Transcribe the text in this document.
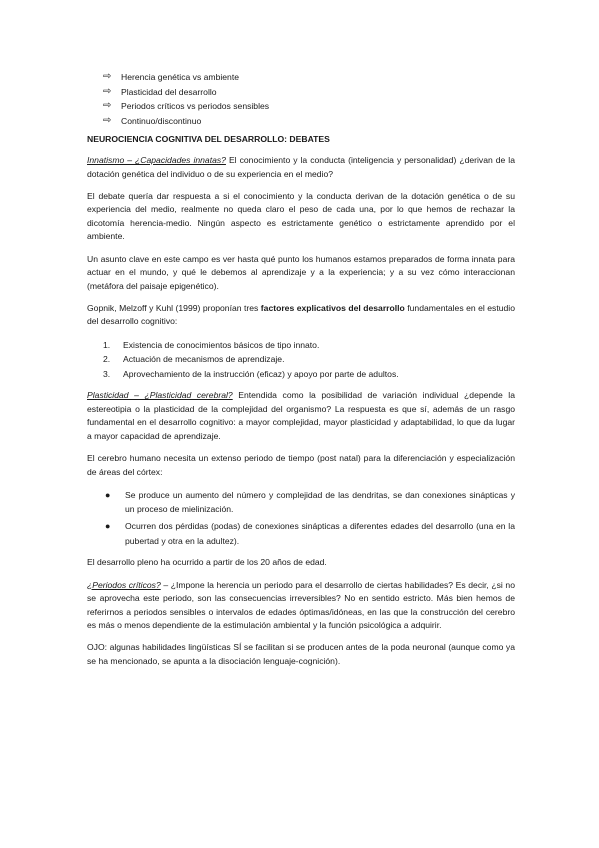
⇨ Herencia genética vs ambiente
⇨ Plasticidad del desarrollo
⇨ Periodos críticos vs periodos sensibles
⇨ Continuo/discontinuo
NEUROCIENCIA COGNITIVA DEL DESARROLLO: DEBATES

Innatismo – ¿Capacidades innatas? El conocimiento y la conducta (inteligencia y personalidad) ¿derivan de la dotación genética del individuo o de su experiencia en el medio?

El debate quería dar respuesta a si el conocimiento y la conducta derivan de la dotación genética o de su experiencia del medio, realmente no queda claro el peso de cada una, por lo que hemos de rechazar la dicotomía herencia-medio. Ningún aspecto es estrictamente genético o estrictamente aprendido por el ambiente.

Un asunto clave en este campo es ver hasta qué punto los humanos estamos preparados de forma innata para actuar en el mundo, y qué le debemos al aprendizaje y a la experiencia; y a su vez cómo interaccionan (metáfora del paisaje epigenético).

Gopnik, Melzoff y Kuhl (1999) proponían tres factores explicativos del desarrollo fundamentales en el estudio del desarrollo cognitivo:

1. Existencia de conocimientos básicos de tipo innato.
2. Actuación de mecanismos de aprendizaje.
3. Aprovechamiento de la instrucción (eficaz) y apoyo por parte de adultos.

Plasticidad – ¿Plasticidad cerebral? Entendida como la posibilidad de variación individual ¿depende la estereotipia o la plasticidad de la complejidad del organismo? La respuesta es que sí, además de un rasgo fundamental en el desarrollo cognitivo: a mayor complejidad, mayor plasticidad y adaptabilidad, lo que da lugar a mayor capacidad de aprendizaje.

El cerebro humano necesita un extenso periodo de tiempo (post natal) para la diferenciación y especialización de áreas del córtex:

● Se produce un aumento del número y complejidad de las dendritas, se dan conexiones sinápticas y un proceso de mielinización.
● Ocurren dos pérdidas (podas) de conexiones sinápticas a diferentes edades del desarrollo (una en la pubertad y otra en la adultez).

El desarrollo pleno ha ocurrido a partir de los 20 años de edad.

¿Periodos críticos? – ¿Impone la herencia un periodo para el desarrollo de ciertas habilidades? Es decir, ¿si no se aprovecha este periodo, son las consecuencias irreversibles? No en sentido estricto. Más bien hemos de referirnos a periodos sensibles o intervalos de edades óptimas/idóneas, en las que la construcción del cerebro es más o menos dependiente de la estimulación ambiental y la función psicológica a adquirir.

OJO: algunas habilidades lingüísticas SÍ se facilitan si se producen antes de la poda neuronal (aunque como ya se ha mencionado, se apunta a la disociación lenguaje-cognición).
